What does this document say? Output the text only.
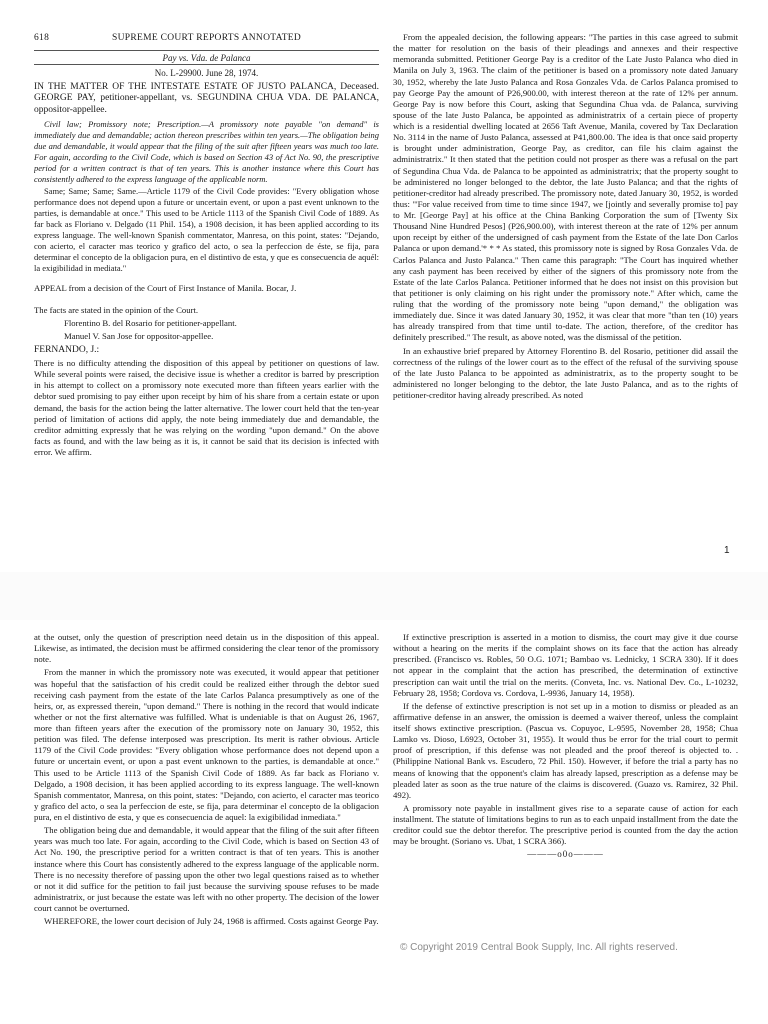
618	SUPREME COURT REPORTS ANNOTATED
Pay vs. Vda. de Palanca

No. L-29900. June 28, 1974.

IN THE MATTER OF THE INTESTATE ESTATE OF JUSTO PALANCA, Deceased. GEORGE PAY, petitioner-appellant, vs. SEGUNDINA CHUA VDA. DE PALANCA, oppositor-appellee.

Civil law; Promissory note; Prescription.—A promissory note payable "on demand" is immediately due and demandable; action thereon prescribes within ten years.—The obligation being due and demandable, it would appear that the filing of the suit after fifteen years was much too late. For again, according to the Civil Code, which is based on Section 43 of Act No. 90, the prescriptive period for a written contract is that of ten years. This is another instance where this Court has consistently adhered to the express language of the applicable norm.

Same; Same; Same; Same.—Article 1179 of the Civil Code provides: "Every obligation whose performance does not depend upon a future or uncertain event, or upon a past event unknown to the parties, is demandable at once." This used to be Article 1113 of the Spanish Civil Code of 1889. As far back as Floriano v. Delgado (11 Phil. 154), a 1908 decision, it has been applied according to its express language. The well-known Spanish commentator, Manresa, on this point, states: "Dejando, con acierto, el caracter mas teorico y grafico del acto, o sea la perfeccion de éste, se fija, para determinar el concepto de la obligacion pura, en el distintivo de esta, y que es consecuencia de aquél: la exigibilidad in mediata."

APPEAL from a decision of the Court of First Instance of Manila. Bocar, J.

The facts are stated in the opinion of the Court.

Florentino B. del Rosario for petitioner-appellant.

Manuel V. San Jose for oppositor-appellee.

FERNANDO, J.:

There is no difficulty attending the disposition of this appeal by petitioner on questions of law. While several points were raised, the decisive issue is whether a creditor is barred by prescription in his attempt to collect on a promissory note executed more than fifteen years earlier with the debtor sued promising to pay either upon receipt by him of his share from a certain estate or upon demand, the basis for the action being the latter alternative. The lower court held that the ten-year period of limitation of actions did apply, the note being immediately due and demandable, the creditor admitting expressly that he was relying on the wording "upon demand." On the above facts as found, and with the law being as it is, it cannot be said that its decision is infected with error. We affirm.

From the appealed decision, the following appears: "The parties in this case agreed to submit the matter for resolution on the basis of their pleadings and annexes and their respective memoranda submitted. Petitioner George Pay is a creditor of the Late Justo Palanca who died in Manila on July 3, 1963. The claim of the petitioner is based on a promissory note dated January 30, 1952, whereby the late Justo Palanca and Rosa Gonzales Vda. de Carlos Palanca promised to pay George Pay the amount of P26,900.00, with interest thereon at the rate of 12% per annum. George Pay is now before this Court, asking that Segundina Chua vda. de Palanca, surviving spouse of the late Justo Palanca, be appointed as administratrix of a certain piece of property which is a residential dwelling located at 2656 Taft Avenue, Manila, covered by Tax Declaration No. 3114 in the name of Justo Palanca, assessed at P41,800.00. The idea is that once said property is brought under administration, George Pay, as creditor, can file his claim against the administratrix." It then stated that the petition could not prosper as there was a refusal on the part of Segundina Chua Vda. de Palanca to be appointed as administratrix; that the property sought to be administered no longer belonged to the debtor, the late Justo Palanca; and that the rights of petitioner-creditor had already prescribed. The promissory note, dated January 30, 1952, is worded thus: "'For value received from time to time since 1947, we [jointly and severally promise to] pay to Mr. [George Pay] at his office at the China Banking Corporation the sum of [Twenty Six Thousand Nine Hundred Pesos] (P26,900.00), with interest thereon at the rate of 12% per annum upon receipt by either of the undersigned of cash payment from the Estate of the late Don Carlos Palanca or upon demand.'* * * As stated, this promissory note is signed by Rosa Gonzales Vda. de Carlos Palanca and Justo Palanca." Then came this paragraph: "The Court has inquired whether any cash payment has been received by either of the signers of this promissory note from the Estate of the late Carlos Palanca. Petitioner informed that he does not insist on this provision but that petitioner is only claiming on his right under the promissory note." After which, came the ruling that the wording of the promissory note being "upon demand," the obligation was immediately due. Since it was dated January 30, 1952, it was clear that more "than ten (10) years has already transpired from that time until to-date. The action, therefore, of the creditor has definitely prescribed." The result, as above noted, was the dismissal of the petition.

In an exhaustive brief prepared by Attorney Florentino B. del Rosario, petitioner did assail the correctness of the rulings of the lower court as to the effect of the refusal of the surviving spouse of the late Justo Palanca to be appointed as administratrix, as to the property sought to be administered no longer belonging to the debtor, the late Justo Palanca, and as to the rights of petitioner-creditor having already prescribed. As noted

1

at the outset, only the question of prescription need detain us in the disposition of this appeal. Likewise, as intimated, the decision must be affirmed considering the clear tenor of the promissory note.

From the manner in which the promissory note was executed, it would appear that petitioner was hopeful that the satisfaction of his credit could be realized either through the debtor sued receiving cash payment from the estate of the late Carlos Palanca presumptively as one of the heirs, or, as expressed therein, "upon demand." There is nothing in the record that would indicate whether or not the first alternative was fulfilled. What is undeniable is that on August 26, 1967, more than fifteen years after the execution of the promissory note on January 30, 1952, this petition was filed. The defense interposed was prescription. Its merit is rather obvious. Article 1179 of the Civil Code provides: "Every obligation whose performance does not depend upon a future or uncertain event, or upon a past event unknown to the parties, is demandable at once." This used to be Article 1113 of the Spanish Civil Code of 1889. As far back as Floriano v. Delgado, a 1908 decision, it has been applied according to its express language. The well-known Spanish commentator, Manresa, on this point, states: "Dejando, con acierto, el caracter mas teorico y grafico del acto, o sea la perfeccion de este, se fija, para determinar el concepto de la obligacion pura, en el distintivo de esta, y que es consecuencia de aquel: la exigibilidad inmediata."

The obligation being due and demandable, it would appear that the filing of the suit after fifteen years was much too late. For again, according to the Civil Code, which is based on Section 43 of Act No. 190, the prescriptive period for a written contract is that of ten years. This is another instance where this Court has consistently adhered to the express language of the applicable norm. There is no necessity therefore of passing upon the other two legal questions raised as to whether or not it did suffice for the petition to fail just because the surviving spouse refuses to be made administratrix, or just because the estate was left with no other property. The decision of the lower court cannot be overturned.

WHEREFORE, the lower court decision of July 24, 1968 is affirmed. Costs against George Pay.

If extinctive prescription is asserted in a motion to dismiss, the court may give it due course without a hearing on the merits if the complaint shows on its face that the action has already prescribed. (Francisco vs. Robles, 50 O.G. 1071; Bambao vs. Lednicky, 1 SCRA 330). If it does not appear in the complaint that the action has prescribed, the determination of extinctive prescription can wait until the trial on the merits. (Conveta, Inc. vs. National Dev. Co., L-10232, February 28, 1958; Cordova vs. Cordova, L-9936, January 14, 1958).

If the defense of extinctive prescription is not set up in a motion to dismiss or pleaded as an affirmative defense in an answer, the omission is deemed a waiver thereof, unless the complaint itself shows extinctive prescription. (Pascua vs. Copuyoc, L-9595, November 28, 1958; Chua Lamko vs. Dioso, L6923, October 31, 1955). It would thus be error for the trial court to permit proof of prescription, if this defense was not pleaded and the proof thereof is objected to. . (Philippine National Bank vs. Escudero, 72 Phil. 150). However, if before the trial a party has no means of knowing that the opponent's claim has already lapsed, prescription as a defense may be pleaded later as soon as the true nature of the claims is discovered. (Guazo vs. Ramirez, 32 Phil. 492).

A promissory note payable in installment gives rise to a separate cause of action for each installment. The statute of limitations begins to run as to each unpaid installment from the date the creditor could sue the debtor therefor. The prescriptive period is counted from the day the action may be brought. (Soriano vs. Ubat, 1 SCRA 366).

———o0o———

© Copyright 2019 Central Book Supply, Inc. All rights reserved.
